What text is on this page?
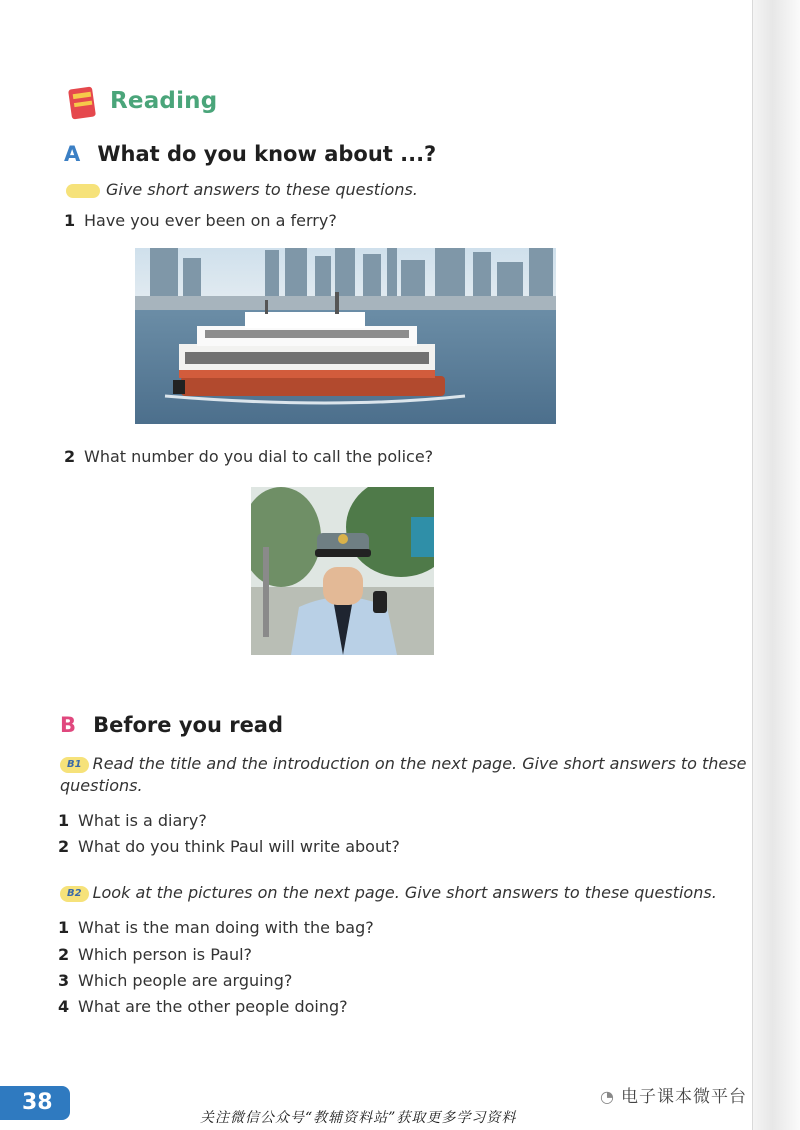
Reading
A What do you know about ...?
Give short answers to these questions.
1 Have you ever been on a ferry?
2 What number do you dial to call the police?
B Before you read
B1 Read the title and the introduction on the next page. Give short answers to these
questions.
1 What is a diary?
2 What do you think Paul will write about?
B2 Look at the pictures on the next page. Give short answers to these questions.
1 What is the man doing with the bag?
2 Which person is Paul?
3 Which people are arguing?
4 What are the other people doing?
38	◔ 电子课本微平台
关注微信公众号“教辅资料站”获取更多学习资料
